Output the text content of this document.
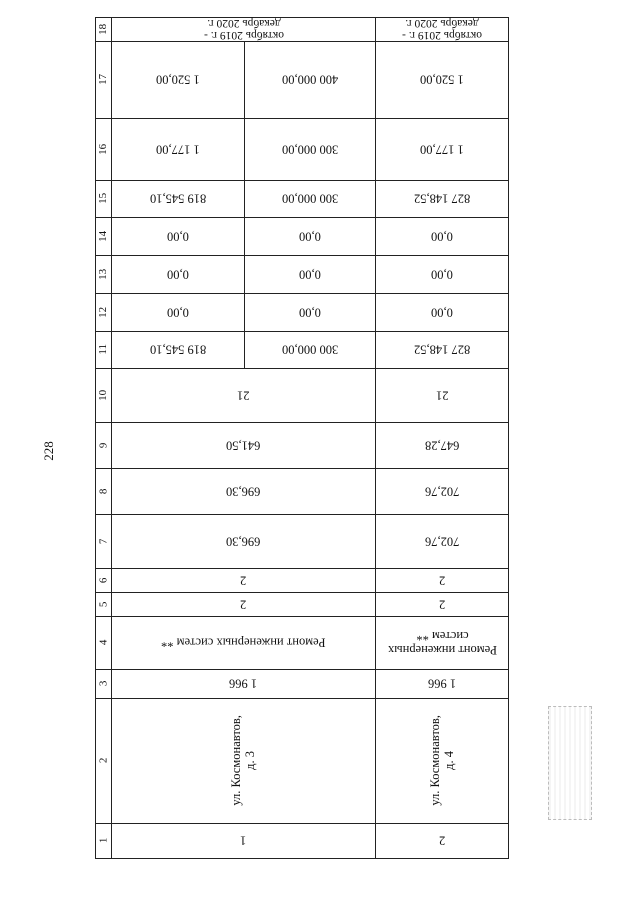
228
1
2
3
4
5
6
7
8
9
10
11
12
13
14
15
16
17
18
1
ул. Космонавтов,
д. 3
1 966
Ремонт инженерных систем **
2
2
696,30
696,30
641,50
21
300 000,00
819 545,10
0,00
0,00
0,00
0,00
0,00
0,00
300 000,00
819 545,10
300 000,00
1 177,00
400 000,00
1 520,00
октябрь 2019 г. -
декабрь 2020 г.
2
ул. Космонавтов,
д. 4
1 966
Ремонт инженерных
систем **
2
2
702,76
702,76
647,28
21
827 148,52
0,00
0,00
0,00
827 148,52
1 177,00
1 520,00
октябрь 2019 г. -
декабрь 2020 г.
